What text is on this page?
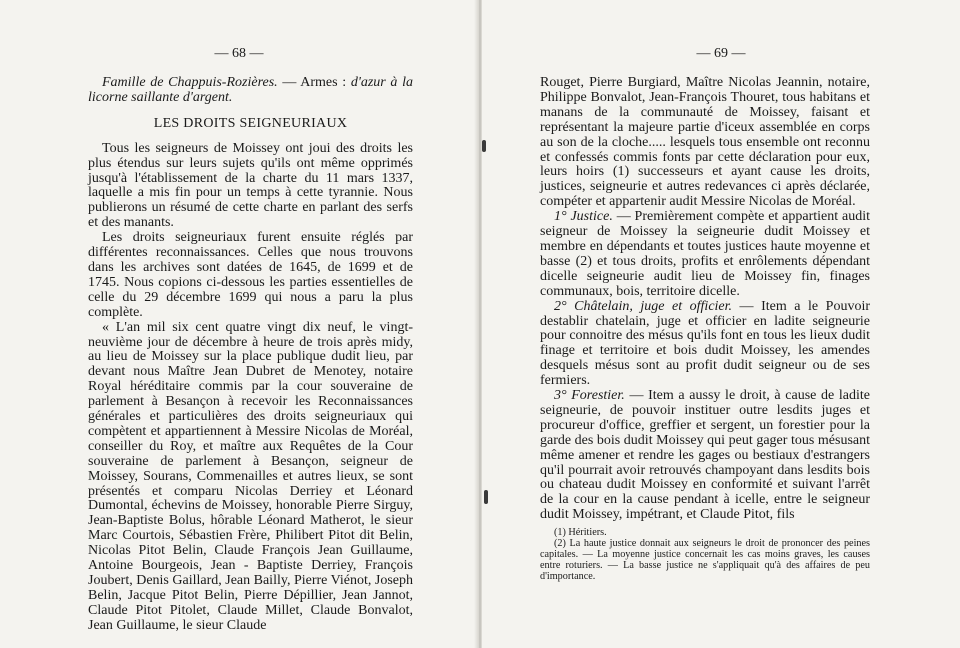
— 68 —

Famille de Chappuis-Rozières. — Armes : d'azur à la licorne saillante d'argent.

LES DROITS SEIGNEURIAUX

Tous les seigneurs de Moissey ont joui des droits les plus étendus sur leurs sujets qu'ils ont même opprimés jusqu'à l'établissement de la charte du 11 mars 1337, laquelle a mis fin pour un temps à cette tyrannie. Nous publierons un résumé de cette charte en parlant des serfs et des manants.

Les droits seigneuriaux furent ensuite réglés par différentes reconnaissances. Celles que nous trouvons dans les archives sont datées de 1645, de 1699 et de 1745. Nous copions ci-dessous les parties essentielles de celle du 29 décembre 1699 qui nous a paru la plus complète.

« L'an mil six cent quatre vingt dix neuf, le vingt-neuvième jour de décembre à heure de trois après midy, au lieu de Moissey sur la place publique dudit lieu, par devant nous Maître Jean Dubret de Menotey, notaire Royal héréditaire commis par la cour souveraine de parlement à Besançon à recevoir les Reconnaissances générales et particulières des droits seigneuriaux qui compètent et appartiennent à Messire Nicolas de Moréal, conseiller du Roy, et maître aux Requêtes de la Cour souveraine de parlement à Besançon, seigneur de Moissey, Sourans, Commenailles et autres lieux, se sont présentés et comparu Nicolas Derriey et Léonard Dumontal, échevins de Moissey, honorable Pierre Sirguy, Jean-Baptiste Bolus, hôrable Léonard Matherot, le sieur Marc Courtois, Sébastien Frère, Philibert Pitot dit Belin, Nicolas Pitot Belin, Claude François Jean Guillaume, Antoine Bourgeois, Jean - Baptiste Derriey, François Joubert, Denis Gaillard, Jean Bailly, Pierre Viénot, Joseph Belin, Jacque Pitot Belin, Pierre Dépillier, Jean Jannot, Claude Pitot Pitolet, Claude Millet, Claude Bonvalot, Jean Guillaume, le sieur Claude

— 69 —

Rouget, Pierre Burgiard, Maître Nicolas Jeannin, notaire, Philippe Bonvalot, Jean-François Thouret, tous habitans et manans de la communauté de Moissey, faisant et représentant la majeure partie d'iceux assemblée en corps au son de la cloche..... lesquels tous ensemble ont reconnu et confessés commis fonts par cette déclaration pour eux, leurs hoirs (1) successeurs et ayant cause les droits, justices, seigneurie et autres redevances ci après déclarée, compéter et appartenir audit Messire Nicolas de Moréal.

1° Justice. — Premièrement compète et appartient audit seigneur de Moissey la seigneurie dudit Moissey et membre en dépendants et toutes justices haute moyenne et basse (2) et tous droits, profits et enrôlements dépendant dicelle seigneurie audit lieu de Moissey fin, finages communaux, bois, territoire dicelle.

2° Châtelain, juge et officier. — Item a le Pouvoir destablir chatelain, juge et officier en ladite seigneurie pour connoitre des mésus qu'ils font en tous les lieux dudit finage et territoire et bois dudit Moissey, les amendes desquels mésus sont au profit dudit seigneur ou de ses fermiers.

3° Forestier. — Item a aussy le droit, à cause de ladite seigneurie, de pouvoir instituer outre lesdits juges et procureur d'office, greffier et sergent, un forestier pour la garde des bois dudit Moissey qui peut gager tous mésusant même amener et rendre les gages ou bestiaux d'estrangers qu'il pourrait avoir retrouvés champoyant dans lesdits bois ou chateau dudit Moissey en conformité et suivant l'arrêt de la cour en la cause pendant à icelle, entre le seigneur dudit Moissey, impétrant, et Claude Pitot, fils

(1) Héritiers.

(2) La haute justice donnait aux seigneurs le droit de prononcer des peines capitales. — La moyenne justice concernait les cas moins graves, les causes entre roturiers. — La basse justice ne s'appliquait qu'à des affaires de peu d'importance.
